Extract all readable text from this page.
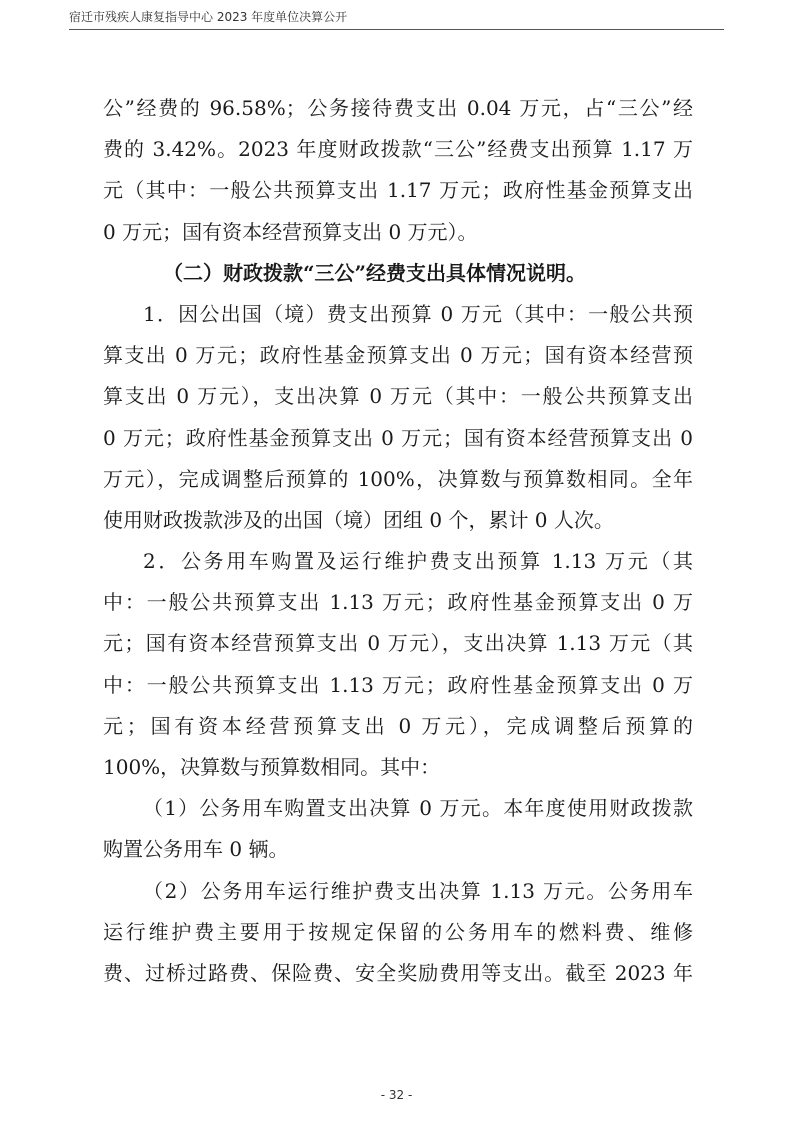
宿迁市残疾人康复指导中心 2023 年度单位决算公开
公”经费的 96.58%；公务接待费支出 0.04 万元，占“三公”经
费的 3.42%。2023 年度财政拨款“三公”经费支出预算 1.17 万
元（其中：一般公共预算支出 1.17 万元；政府性基金预算支出
0 万元；国有资本经营预算支出 0 万元）。
（二）财政拨款“三公”经费支出具体情况说明。
1．因公出国（境）费支出预算 0 万元（其中：一般公共预
算支出 0 万元；政府性基金预算支出 0 万元；国有资本经营预
算支出 0 万元），支出决算 0 万元（其中：一般公共预算支出
0 万元；政府性基金预算支出 0 万元；国有资本经营预算支出 0
万元），完成调整后预算的 100%，决算数与预算数相同。全年
使用财政拨款涉及的出国（境）团组 0 个，累计 0 人次。
2．公务用车购置及运行维护费支出预算 1.13 万元（其
中：一般公共预算支出 1.13 万元；政府性基金预算支出 0 万
元；国有资本经营预算支出 0 万元），支出决算 1.13 万元（其
中：一般公共预算支出 1.13 万元；政府性基金预算支出 0 万
元；国有资本经营预算支出 0 万元），完成调整后预算的
100%，决算数与预算数相同。其中：
（1）公务用车购置支出决算 0 万元。本年度使用财政拨款
购置公务用车 0 辆。
（2）公务用车运行维护费支出决算 1.13 万元。公务用车
运行维护费主要用于按规定保留的公务用车的燃料费、维修
费、过桥过路费、保险费、安全奖励费用等支出。截至 2023 年
- 32 -
